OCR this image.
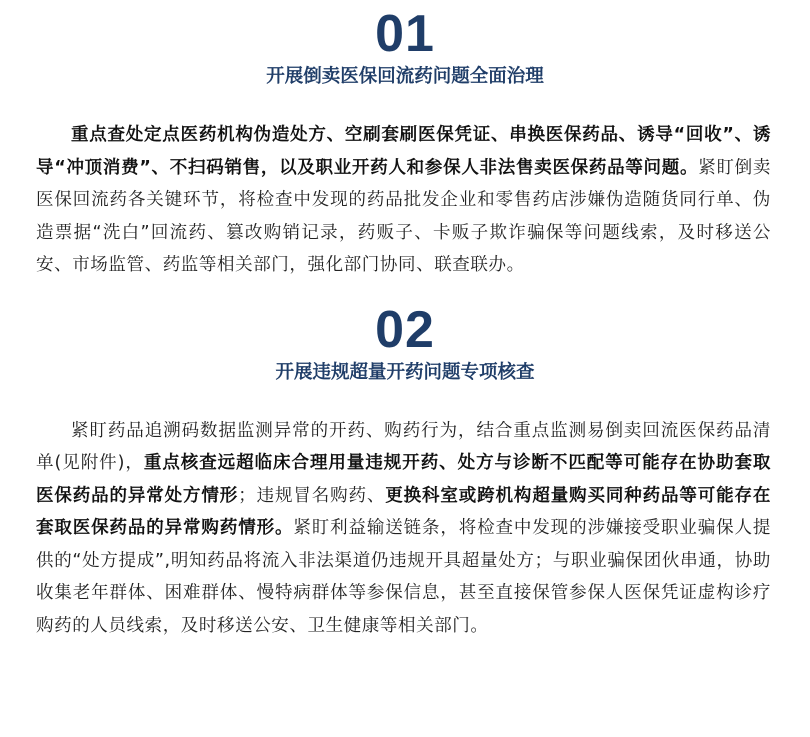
01
开展倒卖医保回流药问题全面治理

重点查处定点医药机构伪造处方、空刷套刷医保凭证、串换医保药品、诱导“回收”、诱导“冲顶消费”、不扫码销售，以及职业开药人和参保人非法售卖医保药品等问题。紧盯倒卖医保回流药各关键环节，将检查中发现的药品批发企业和零售药店涉嫌伪造随货同行单、伪造票据“洗白”回流药、篡改购销记录，药贩子、卡贩子欺诈骗保等问题线索，及时移送公安、市场监管、药监等相关部门，强化部门协同、联查联办。

02
开展违规超量开药问题专项核查

紧盯药品追溯码数据监测异常的开药、购药行为，结合重点监测易倒卖回流医保药品清单(见附件)，重点核查远超临床合理用量违规开药、处方与诊断不匹配等可能存在协助套取医保药品的异常处方情形；违规冒名购药、更换科室或跨机构超量购买同种药品等可能存在套取医保药品的异常购药情形。紧盯利益输送链条，将检查中发现的涉嫌接受职业骗保人提供的“处方提成”,明知药品将流入非法渠道仍违规开具超量处方；与职业骗保团伙串通，协助收集老年群体、困难群体、慢特病群体等参保信息，甚至直接保管参保人医保凭证虚构诊疗购药的人员线索，及时移送公安、卫生健康等相关部门。
